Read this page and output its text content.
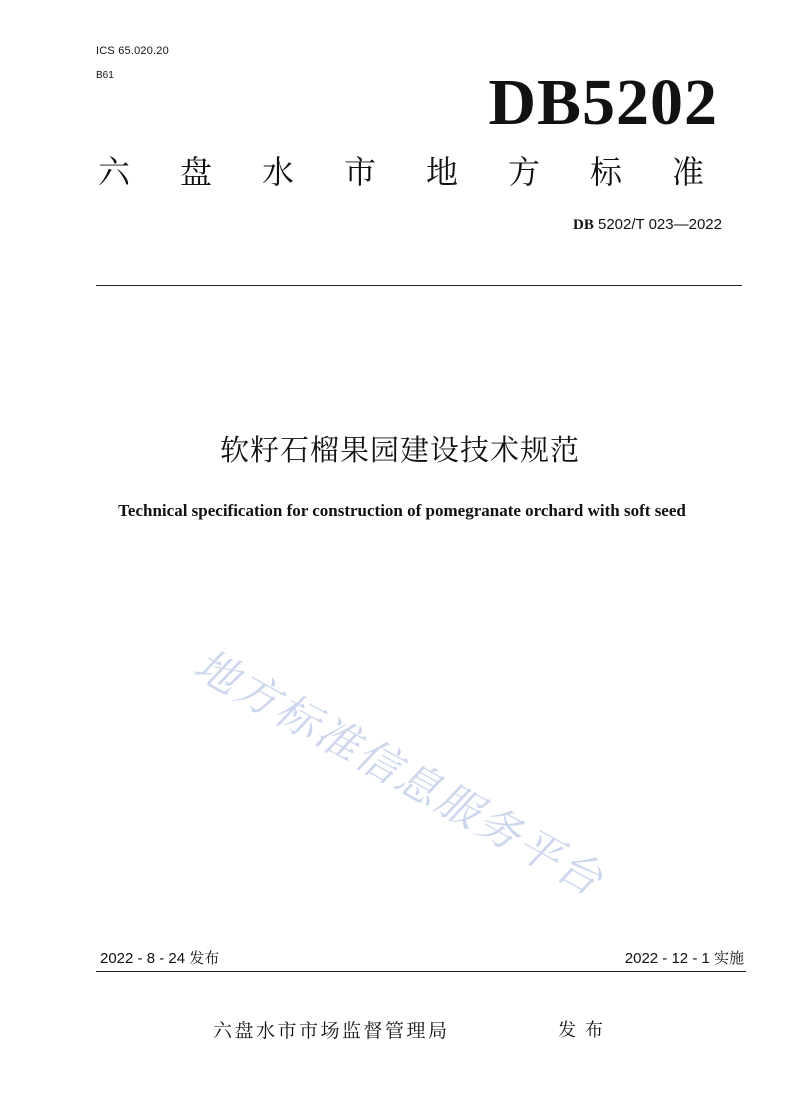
ICS 65.020.20
B61	DB5202
六盘水市地方标准
DB 5202/T 023—2022
软籽石榴果园建设技术规范
Technical specification for construction of pomegranate orchard with soft seed
地方标准信息服务平台
2022 - 8 - 24 发布	2022 - 12 - 1 实施
六盘水市市场监督管理局	发布
